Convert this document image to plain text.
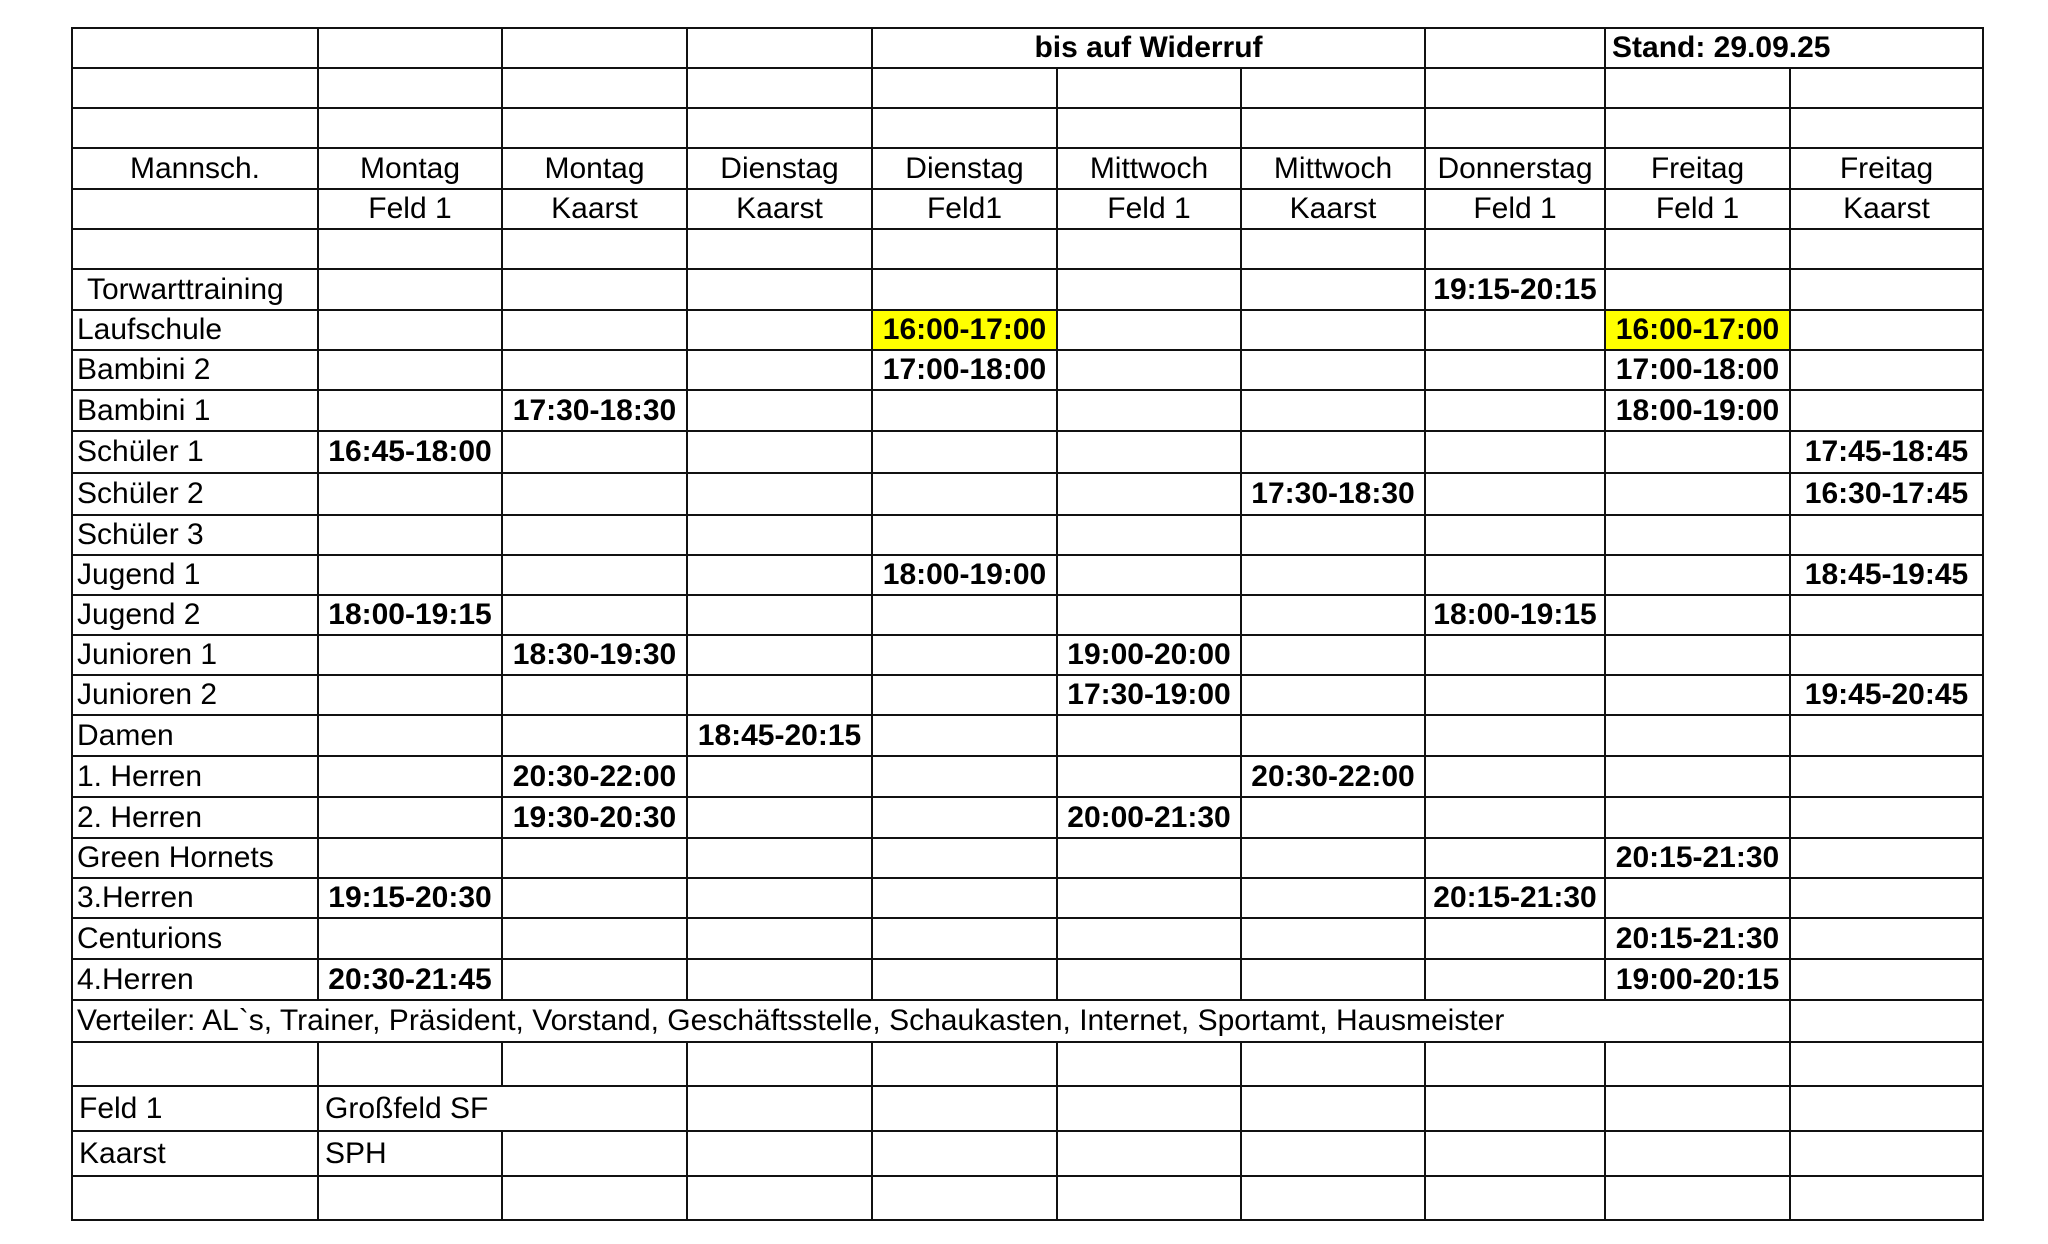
				bis auf Widerruf				Stand: 29.09.25	

Mannsch.	Montag	Montag	Dienstag	Dienstag	Mittwoch	Mittwoch	Donnerstag	Freitag	Freitag
	Feld 1	Kaarst	Kaarst	Feld1	Feld 1	Kaarst	Feld 1	Feld 1	Kaarst

Torwarttraining							19:15-20:15		
Laufschule				16:00-17:00				16:00-17:00	
Bambini 2				17:00-18:00				17:00-18:00	
Bambini 1		17:30-18:30						18:00-19:00	
Schüler 1	16:45-18:00								17:45-18:45
Schüler 2						17:30-18:30			16:30-17:45
Schüler 3									
Jugend 1				18:00-19:00					18:45-19:45
Jugend 2	18:00-19:15						18:00-19:15		
Junioren 1		18:30-19:30			19:00-20:00				
Junioren 2					17:30-19:00				19:45-20:45
Damen			18:45-20:15						
1. Herren		20:30-22:00				20:30-22:00			
2. Herren		19:30-20:30			20:00-21:30				
Green Hornets								20:15-21:30	
3.Herren	19:15-20:30						20:15-21:30		
Centurions								20:15-21:30	
4.Herren	20:30-21:45							19:00-20:15	
Verteiler: AL`s, Trainer, Präsident, Vorstand, Geschäftsstelle, Schaukasten, Internet, Sportamt, Hausmeister									

Feld 1	Großfeld SF								
Kaarst	SPH								
